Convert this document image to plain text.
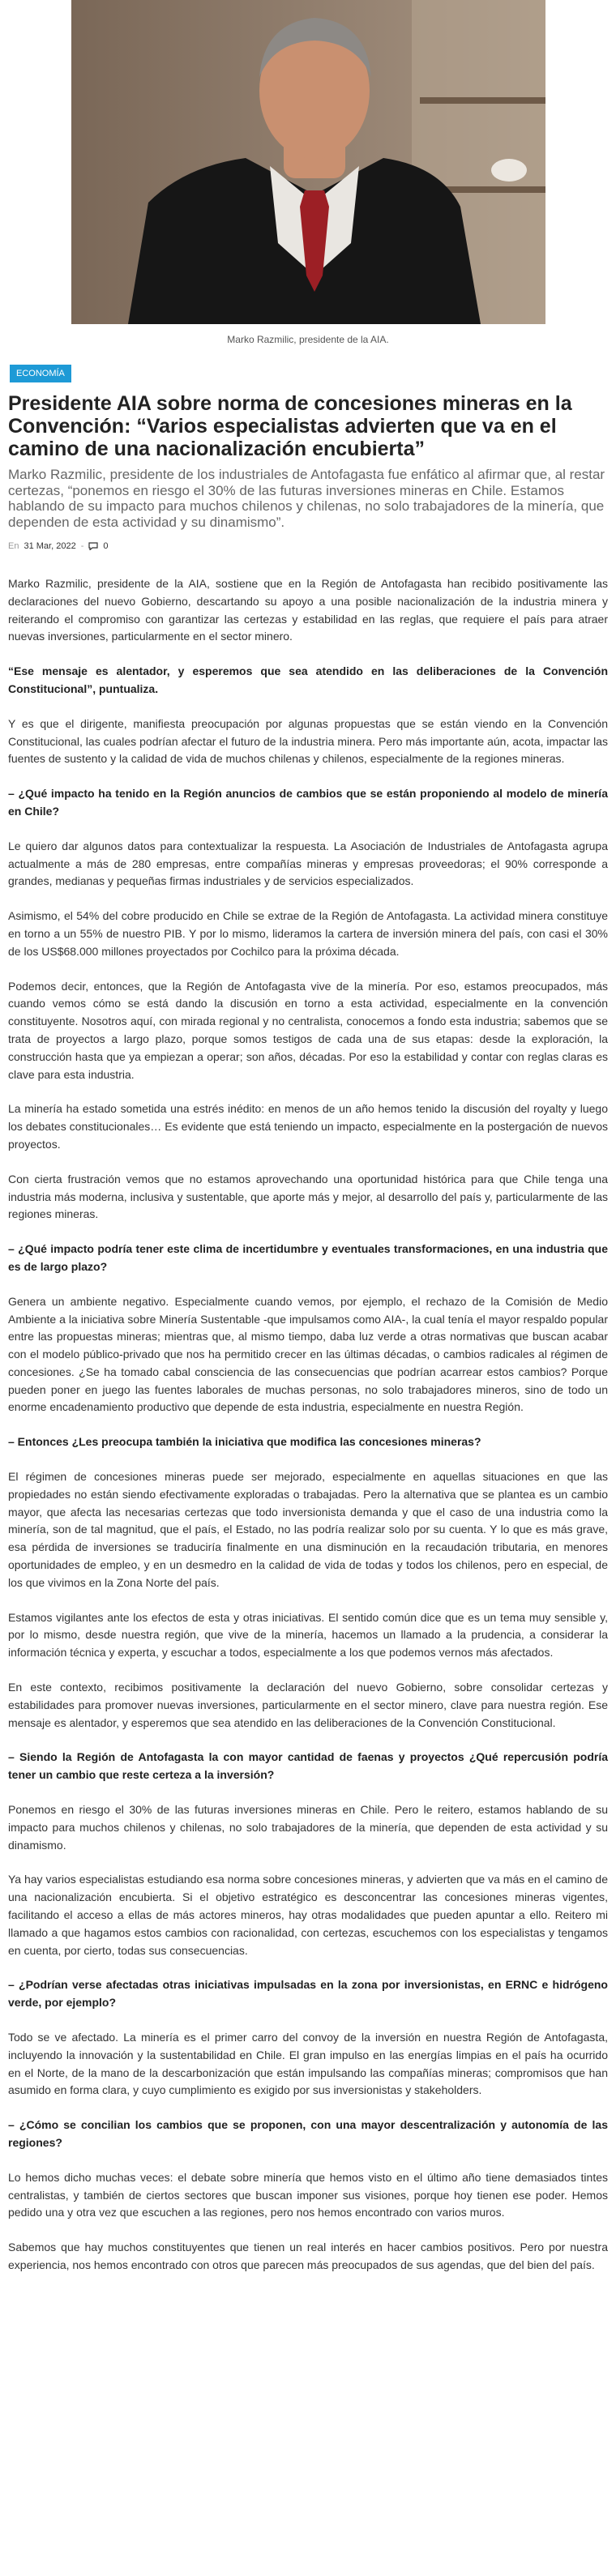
Marko Razmilic, presidente de la AIA.
ECONOMÍA
Presidente AIA sobre norma de concesiones mineras en la Convención: “Varios especialistas advierten que va en el camino de una nacionalización encubierta”
Marko Razmilic, presidente de los industriales de Antofagasta fue enfático al afirmar que, al restar certezas, “ponemos en riesgo el 30% de las futuras inversiones mineras en Chile. Estamos hablando de su impacto para muchos chilenos y chilenas, no solo trabajadores de la minería, que dependen de esta actividad y su dinamismo”.
En 31 Mar, 2022 - 0

Marko Razmilic, presidente de la AIA, sostiene que en la Región de Antofagasta han recibido positivamente las declaraciones del nuevo Gobierno, descartando su apoyo a una posible nacionalización de la industria minera y reiterando el compromiso con garantizar las certezas y estabilidad en las reglas, que requiere el país para atraer nuevas inversiones, particularmente en el sector minero.

“Ese mensaje es alentador, y esperemos que sea atendido en las deliberaciones de la Convención Constitucional”, puntualiza.

Y es que el dirigente, manifiesta preocupación por algunas propuestas que se están viendo en la Convención Constitucional, las cuales podrían afectar el futuro de la industria minera. Pero más importante aún, acota, impactar las fuentes de sustento y la calidad de vida de muchos chilenas y chilenos, especialmente de la regiones mineras.

– ¿Qué impacto ha tenido en la Región anuncios de cambios que se están proponiendo al modelo de minería en Chile?

Le quiero dar algunos datos para contextualizar la respuesta. La Asociación de Industriales de Antofagasta agrupa actualmente a más de 280 empresas, entre compañías mineras y empresas proveedoras; el 90% corresponde a grandes, medianas y pequeñas firmas industriales y de servicios especializados.

Asimismo, el 54% del cobre producido en Chile se extrae de la Región de Antofagasta. La actividad minera constituye en torno a un 55% de nuestro PIB. Y por lo mismo, lideramos la cartera de inversión minera del país, con casi el 30% de los US$68.000 millones proyectados por Cochilco para la próxima década.

Podemos decir, entonces, que la Región de Antofagasta vive de la minería. Por eso, estamos preocupados, más cuando vemos cómo se está dando la discusión en torno a esta actividad, especialmente en la convención constituyente. Nosotros aquí, con mirada regional y no centralista, conocemos a fondo esta industria; sabemos que se trata de proyectos a largo plazo, porque somos testigos de cada una de sus etapas: desde la exploración, la construcción hasta que ya empiezan a operar; son años, décadas. Por eso la estabilidad y contar con reglas claras es clave para esta industria.

La minería ha estado sometida una estrés inédito: en menos de un año hemos tenido la discusión del royalty y luego los debates constitucionales… Es evidente que está teniendo un impacto, especialmente en la postergación de nuevos proyectos.

Con cierta frustración vemos que no estamos aprovechando una oportunidad histórica para que Chile tenga una industria más moderna, inclusiva y sustentable, que aporte más y mejor, al desarrollo del país y, particularmente de las regiones mineras.

– ¿Qué impacto podría tener este clima de incertidumbre y eventuales transformaciones, en una industria que es de largo plazo?

Genera un ambiente negativo. Especialmente cuando vemos, por ejemplo, el rechazo de la Comisión de Medio Ambiente a la iniciativa sobre Minería Sustentable -que impulsamos como AIA-, la cual tenía el mayor respaldo popular entre las propuestas mineras; mientras que, al mismo tiempo, daba luz verde a otras normativas que buscan acabar con el modelo público-privado que nos ha permitido crecer en las últimas décadas, o cambios radicales al régimen de concesiones. ¿Se ha tomado cabal consciencia de las consecuencias que podrían acarrear estos cambios? Porque pueden poner en juego las fuentes laborales de muchas personas, no solo trabajadores mineros, sino de todo un enorme encadenamiento productivo que depende de esta industria, especialmente en nuestra Región.

– Entonces ¿Les preocupa también la iniciativa que modifica las concesiones mineras?

El régimen de concesiones mineras puede ser mejorado, especialmente en aquellas situaciones en que las propiedades no están siendo efectivamente exploradas o trabajadas. Pero la alternativa que se plantea es un cambio mayor, que afecta las necesarias certezas que todo inversionista demanda y que el caso de una industria como la minería, son de tal magnitud, que el país, el Estado, no las podría realizar solo por su cuenta. Y lo que es más grave, esa pérdida de inversiones se traduciría finalmente en una disminución en la recaudación tributaria, en menores oportunidades de empleo, y en un desmedro en la calidad de vida de todas y todos los chilenos, pero en especial, de los que vivimos en la Zona Norte del país.

Estamos vigilantes ante los efectos de esta y otras iniciativas. El sentido común dice que es un tema muy sensible y, por lo mismo, desde nuestra región, que vive de la minería, hacemos un llamado a la prudencia, a considerar la información técnica y experta, y escuchar a todos, especialmente a los que podemos vernos más afectados.

En este contexto, recibimos positivamente la declaración del nuevo Gobierno, sobre consolidar certezas y estabilidades para promover nuevas inversiones, particularmente en el sector minero, clave para nuestra región. Ese mensaje es alentador, y esperemos que sea atendido en las deliberaciones de la Convención Constitucional.

– Siendo la Región de Antofagasta la con mayor cantidad de faenas y proyectos ¿Qué repercusión podría tener un cambio que reste certeza a la inversión?

Ponemos en riesgo el 30% de las futuras inversiones mineras en Chile. Pero le reitero, estamos hablando de su impacto para muchos chilenos y chilenas, no solo trabajadores de la minería, que dependen de esta actividad y su dinamismo.

Ya hay varios especialistas estudiando esa norma sobre concesiones mineras, y advierten que va más en el camino de una nacionalización encubierta. Si el objetivo estratégico es desconcentrar las concesiones mineras vigentes, facilitando el acceso a ellas de más actores mineros, hay otras modalidades que pueden apuntar a ello. Reitero mi llamado a que hagamos estos cambios con racionalidad, con certezas, escuchemos con los especialistas y tengamos en cuenta, por cierto, todas sus consecuencias.

– ¿Podrían verse afectadas otras iniciativas impulsadas en la zona por inversionistas, en ERNC e hidrógeno verde, por ejemplo?

Todo se ve afectado. La minería es el primer carro del convoy de la inversión en nuestra Región de Antofagasta, incluyendo la innovación y la sustentabilidad en Chile. El gran impulso en las energías limpias en el país ha ocurrido en el Norte, de la mano de la descarbonización que están impulsando las compañías mineras; compromisos que han asumido en forma clara, y cuyo cumplimiento es exigido por sus inversionistas y stakeholders.

– ¿Cómo se concilian los cambios que se proponen, con una mayor descentralización y autonomía de las regiones?

Lo hemos dicho muchas veces: el debate sobre minería que hemos visto en el último año tiene demasiados tintes centralistas, y también de ciertos sectores que buscan imponer sus visiones, porque hoy tienen ese poder. Hemos pedido una y otra vez que escuchen a las regiones, pero nos hemos encontrado con varios muros.

Sabemos que hay muchos constituyentes que tienen un real interés en hacer cambios positivos. Pero por nuestra experiencia, nos hemos encontrado con otros que parecen más preocupados de sus agendas, que del bien del país.
